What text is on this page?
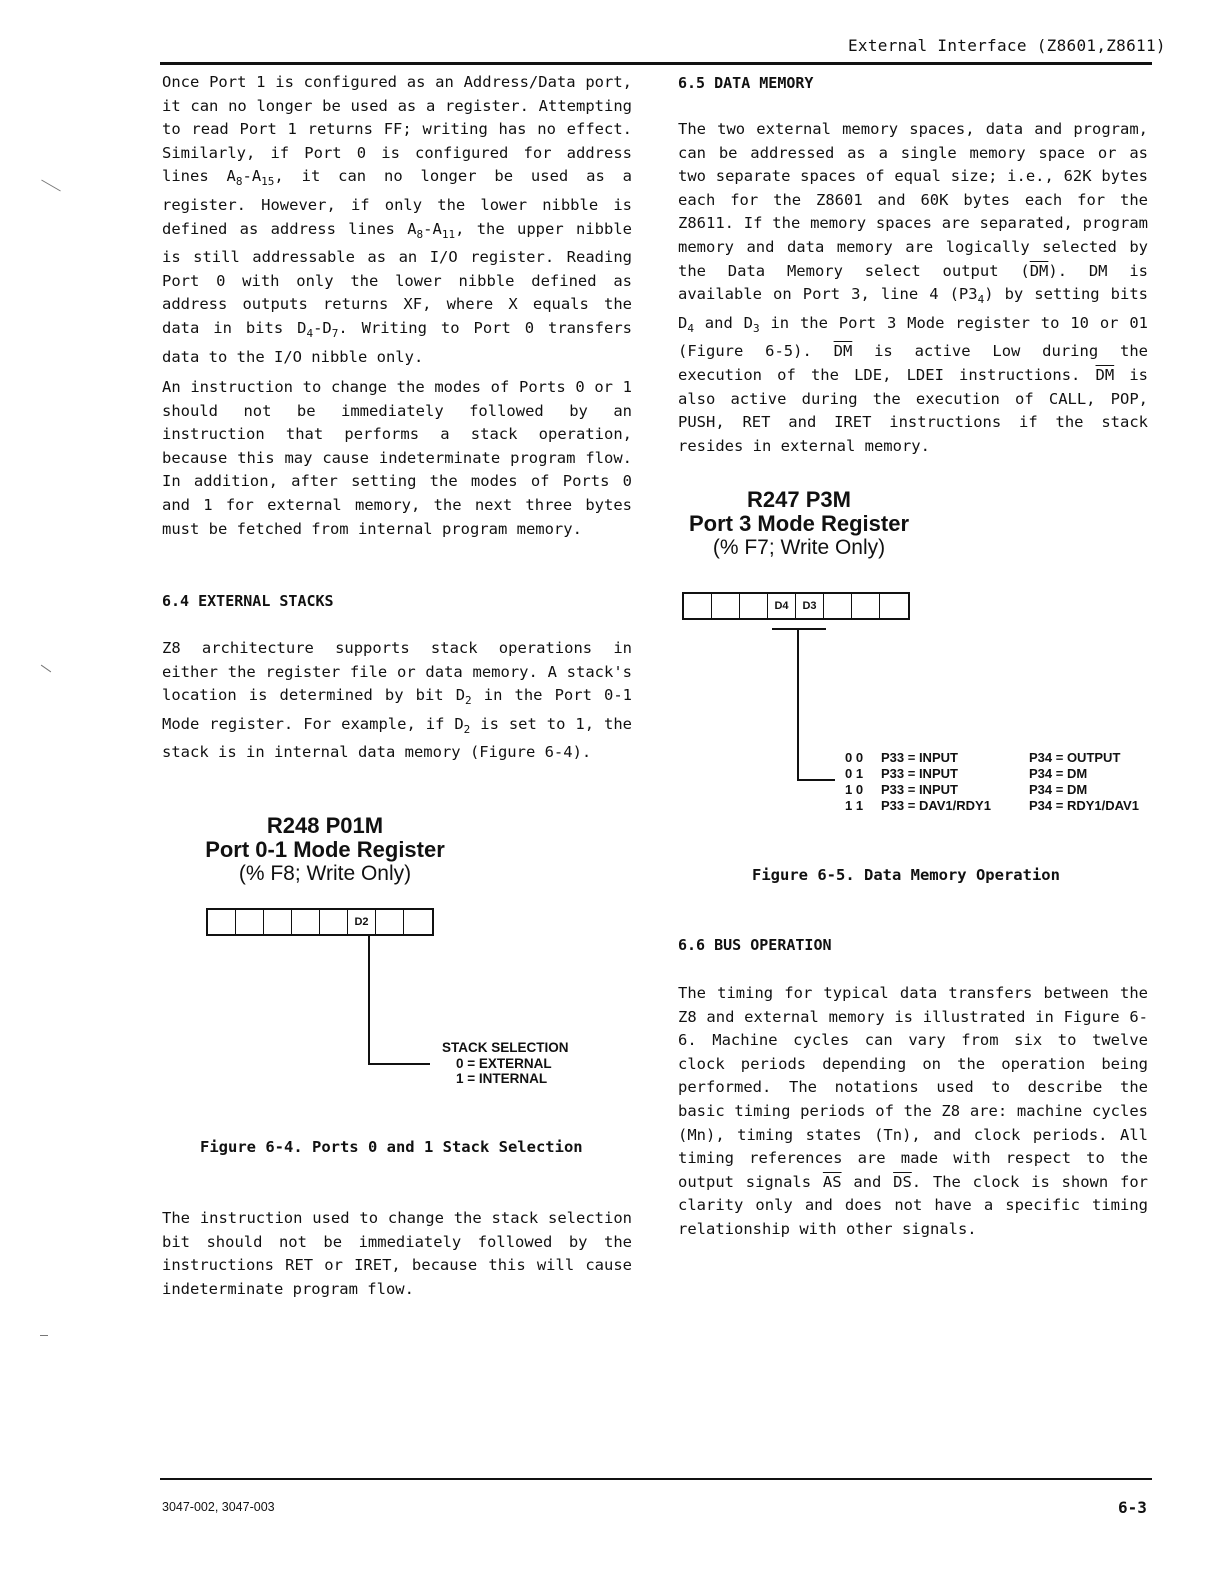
External Interface (Z8601,Z8611)

Once Port 1 is configured as an Address/Data port, it can no longer be used as a register. Attempting to read Port 1 returns FF; writing has no effect. Similarly, if Port 0 is configured for address lines $A_8-A_{15}$, it can no longer be used as a register. However, if only the lower nibble is defined as address lines $A_8-A_{11}$, the upper nibble is still addressable as an I/O register. Reading Port 0 with only the lower nibble defined as address outputs returns XF, where X equals the data in bits $D_4-D_7$. Writing to Port 0 transfers data to the I/O nibble only.

An instruction to change the modes of Ports 0 or 1 should not be immediately followed by an instruction that performs a stack operation, because this may cause indeterminate program flow. In addition, after setting the modes of Ports 0 and 1 for external memory, the next three bytes must be fetched from internal program memory.

6.4 EXTERNAL STACKS

Z8 architecture supports stack operations in either the register file or data memory. A stack's location is determined by bit $D_2$ in the Port 0-1 Mode register. For example, if $D_2$ is set to 1, the stack is in internal data memory (Figure 6-4).

R248 P01M
Port 0-1 Mode Register
(% F8; Write Only)
D2
STACK SELECTION
0 = EXTERNAL
1 = INTERNAL
Figure 6-4. Ports 0 and 1 Stack Selection

The instruction used to change the stack selection bit should not be immediately followed by the instructions RET or IRET, because this will cause indeterminate program flow.

6.5 DATA MEMORY

The two external memory spaces, data and program, can be addressed as a single memory space or as two separate spaces of equal size; i.e., 62K bytes each for the Z8601 and 60K bytes each for the Z8611. If the memory spaces are separated, program memory and data memory are logically selected by the Data Memory select output $(\overline{DM})$. DM is available on Port 3, line 4 $(P3_4)$ by setting bits $D_4$ and $D_3$ in the Port 3 Mode register to 10 or 01 (Figure 6-5). $\overline{DM}$ is active Low during the execution of the LDE, LDEI instructions. $\overline{DM}$ is also active during the execution of CALL, POP, PUSH, RET and IRET instructions if the stack resides in external memory.

R247 P3M
Port 3 Mode Register
(% F7; Write Only)
D4	D3
0 0	P33 = INPUT	P34 = OUTPUT
0 1	P33 = INPUT	P34 = DM
1 0	P33 = INPUT	P34 = DM
1 1	P33 = DAV1/RDY1	P34 = RDY1/DAV1
Figure 6-5. Data Memory Operation
6.6 BUS OPERATION

The timing for typical data transfers between the Z8 and external memory is illustrated in Figure 6-6. Machine cycles can vary from six to twelve clock periods depending on the operation being performed. The notations used to describe the basic timing periods of the Z8 are: machine cycles (Mn), timing states (Tn), and clock periods. All timing references are made with respect to the output signals $\overline{AS}$ and $\overline{DS}$. The clock is shown for clarity only and does not have a specific timing relationship with other signals.

3047-002, 3047-003	6-3
